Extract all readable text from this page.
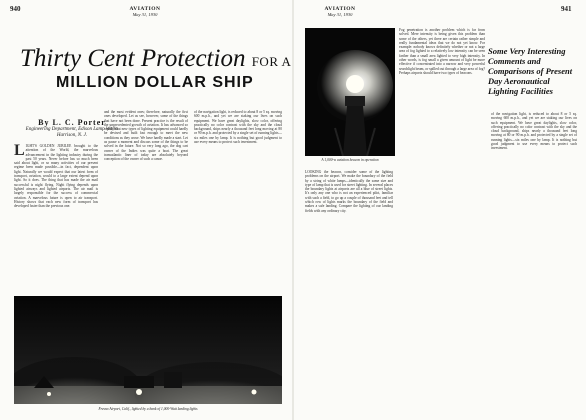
940	AVIATION
May 31, 1930
Thirty Cent Protection FOR A
MILLION DOLLAR SHIP
By L. C. Porter
Engineering Department, Edison Lamp Works
Harrison, N. J.
LIGHT'S GOLDEN JUBILEE brought to the attention of the World, the marvelous advancement in the lighting industry during the past 50 years. Never before has so much been said about light, or so many activities of our present regime been made possible—in fact, dependent upon light. Naturally we would expect that our latest form of transport, aviation, would to a large extent depend upon light. So it does. The thing that has made the air mail successful is night flying. Night flying depends upon lighted airways and lighted airports. The air mail is largely responsible for the success of commercial aviation. A marvelous future is open to air transport. History shows that each new form of transport has developed faster than the previous one.
and the most evident ones; therefore, naturally the first ones developed. Let us see, however, some of the things that have not been done. Present practice is the result of the unprecedented growth of aviation. It has advanced so rapidly that new types of lighting equipment could hardly be devised and built fast enough to meet the new conditions as they arose. We have hardly made a start. Let us pause a moment and discuss some of the things to be solved in the future. Not so very long ago, the dog cart owner of the Indies was quite a boat. The great transatlantic liner of today are absolutely beyond conception of the owner of such a canoe.
of the navigation light, is reduced to about 8 or 5 sq. moving 600 m.p.h., and yet we are staking our lives on such equipment. We have great daylights, slow color, offering practically no color contrast with the sky and the cloud background, ships nearly a thousand feet long moving at 80 or 90 m.p.h. and protected by a single set of running lights—six miles one by lamp. It is nothing but good judgment to use every means to protect such investment.
Fresno Airport, Calif., lighted by a bank of 1,000-Watt landing lights
AVIATION
May 31, 1930
941
A 1,000-w aviation beacon in operation
LOOKING the beacon, consider some of the lighting problems on the airport. We make the boundary of the field by a string of white lamps—identically the same size and type of lamp that is used for street lighting. In several places the boundary lights at airports are all a blue of street lights. It's only any one who is not an experienced pilot, familiar with such a field, to go up a couple of thousand feet and tell which row of lights marks the boundary of the field and makes a safe landing. Compare the lighting of our landing fields with any ordinary city.
Fog penetration is another problem which is far from solved. Mere intensity is being given this problem than some of the others, yet there are certain rather simple and really fundamental ideas that we do not yet know. For example: nobody knows definitely whether or not a large area of fog lighted to a relatively low intensity can be seen farther than a small area lighted to very high intensity. In other words, is fog small a given amount of light be more effective if concentrated into a narrow and very powerful searchlight beam, or spilled out through a large area of fog? Perhaps airports should have two types of beacons.
Some Very Interesting Comments and Comparisons of Present Day Aeronautical Lighting Facilities
of the navigation light, is reduced to about 8 or 5 sq. moving 600 m.p.h., and yet we are staking our lives on such equipment. We have great daylights, slow color, offering practically no color contrast with the sky and the cloud background, ships nearly a thousand feet long moving at 80 or 90 m.p.h. and protected by a single set of running lights—six miles one by lamp. It is nothing but good judgment to use every means to protect such investment.
